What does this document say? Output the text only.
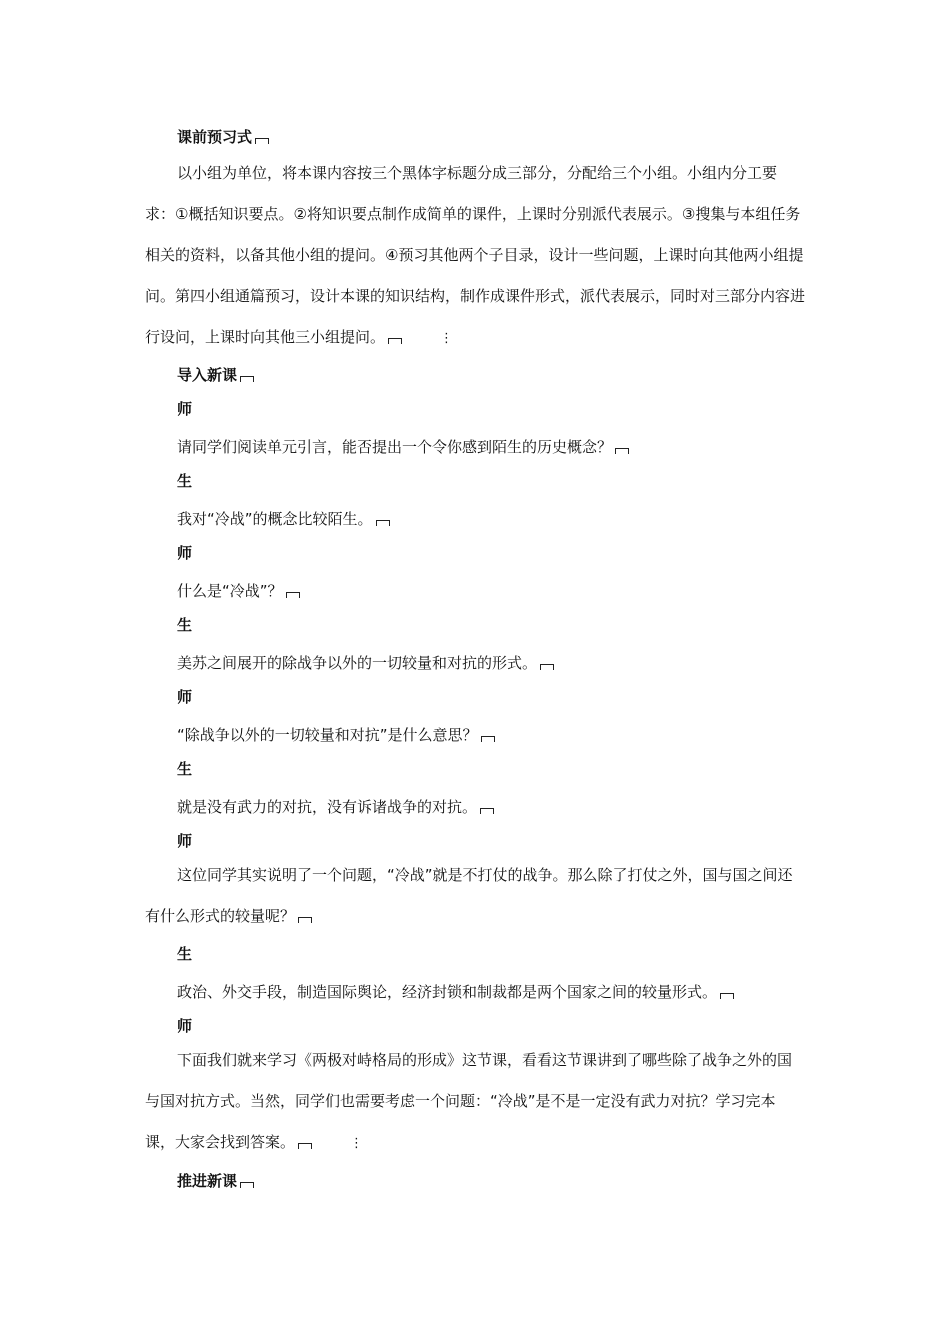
课前预习式

以小组为单位，将本课内容按三个黑体字标题分成三部分，分配给三个小组。小组内分工要求：①概括知识要点。②将知识要点制作成简单的课件，上课时分别派代表展示。③搜集与本组任务相关的资料，以备其他小组的提问。④预习其他两个子目录，设计一些问题，上课时向其他两小组提问。第四小组通篇预习，设计本课的知识结构，制作成课件形式，派代表展示，同时对三部分内容进行设问，上课时向其他三小组提问。	⋮

导入新课
师
请同学们阅读单元引言，能否提出一个令你感到陌生的历史概念？
生
我对“冷战”的概念比较陌生。
师
什么是“冷战”？
生
美苏之间展开的除战争以外的一切较量和对抗的形式。
师
“除战争以外的一切较量和对抗”是什么意思？
生
就是没有武力的对抗，没有诉诸战争的对抗。
师

这位同学其实说明了一个问题，“冷战”就是不打仗的战争。那么除了打仗之外，国与国之间还有什么形式的较量呢？

生
政治、外交手段，制造国际舆论，经济封锁和制裁都是两个国家之间的较量形式。
师

下面我们就来学习《两极对峙格局的形成》这节课，看看这节课讲到了哪些除了战争之外的国与国对抗方式。当然，同学们也需要考虑一个问题：“冷战”是不是一定没有武力对抗？学习完本课，大家会找到答案。	⋮

推进新课
